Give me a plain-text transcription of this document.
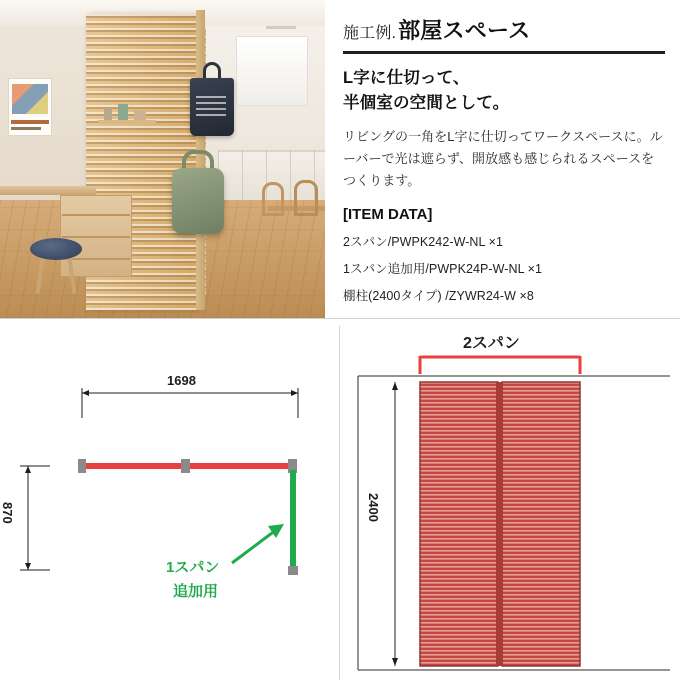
施工例. 部屋スペース
L字に仕切って、
半個室の空間として。
リビングの一角をL字に仕切ってワークスペースに。ルーバーで光は遮らず、開放感も感じられるスペースをつくります。
[ITEM DATA]
2スパン/PWPK242-W-NL ×1
1スパン追加用/PWPK24P-W-NL ×1
棚柱(2400タイプ) /ZYWR24-W ×8
1698
870
1スパン
追加用
2スパン
2400
